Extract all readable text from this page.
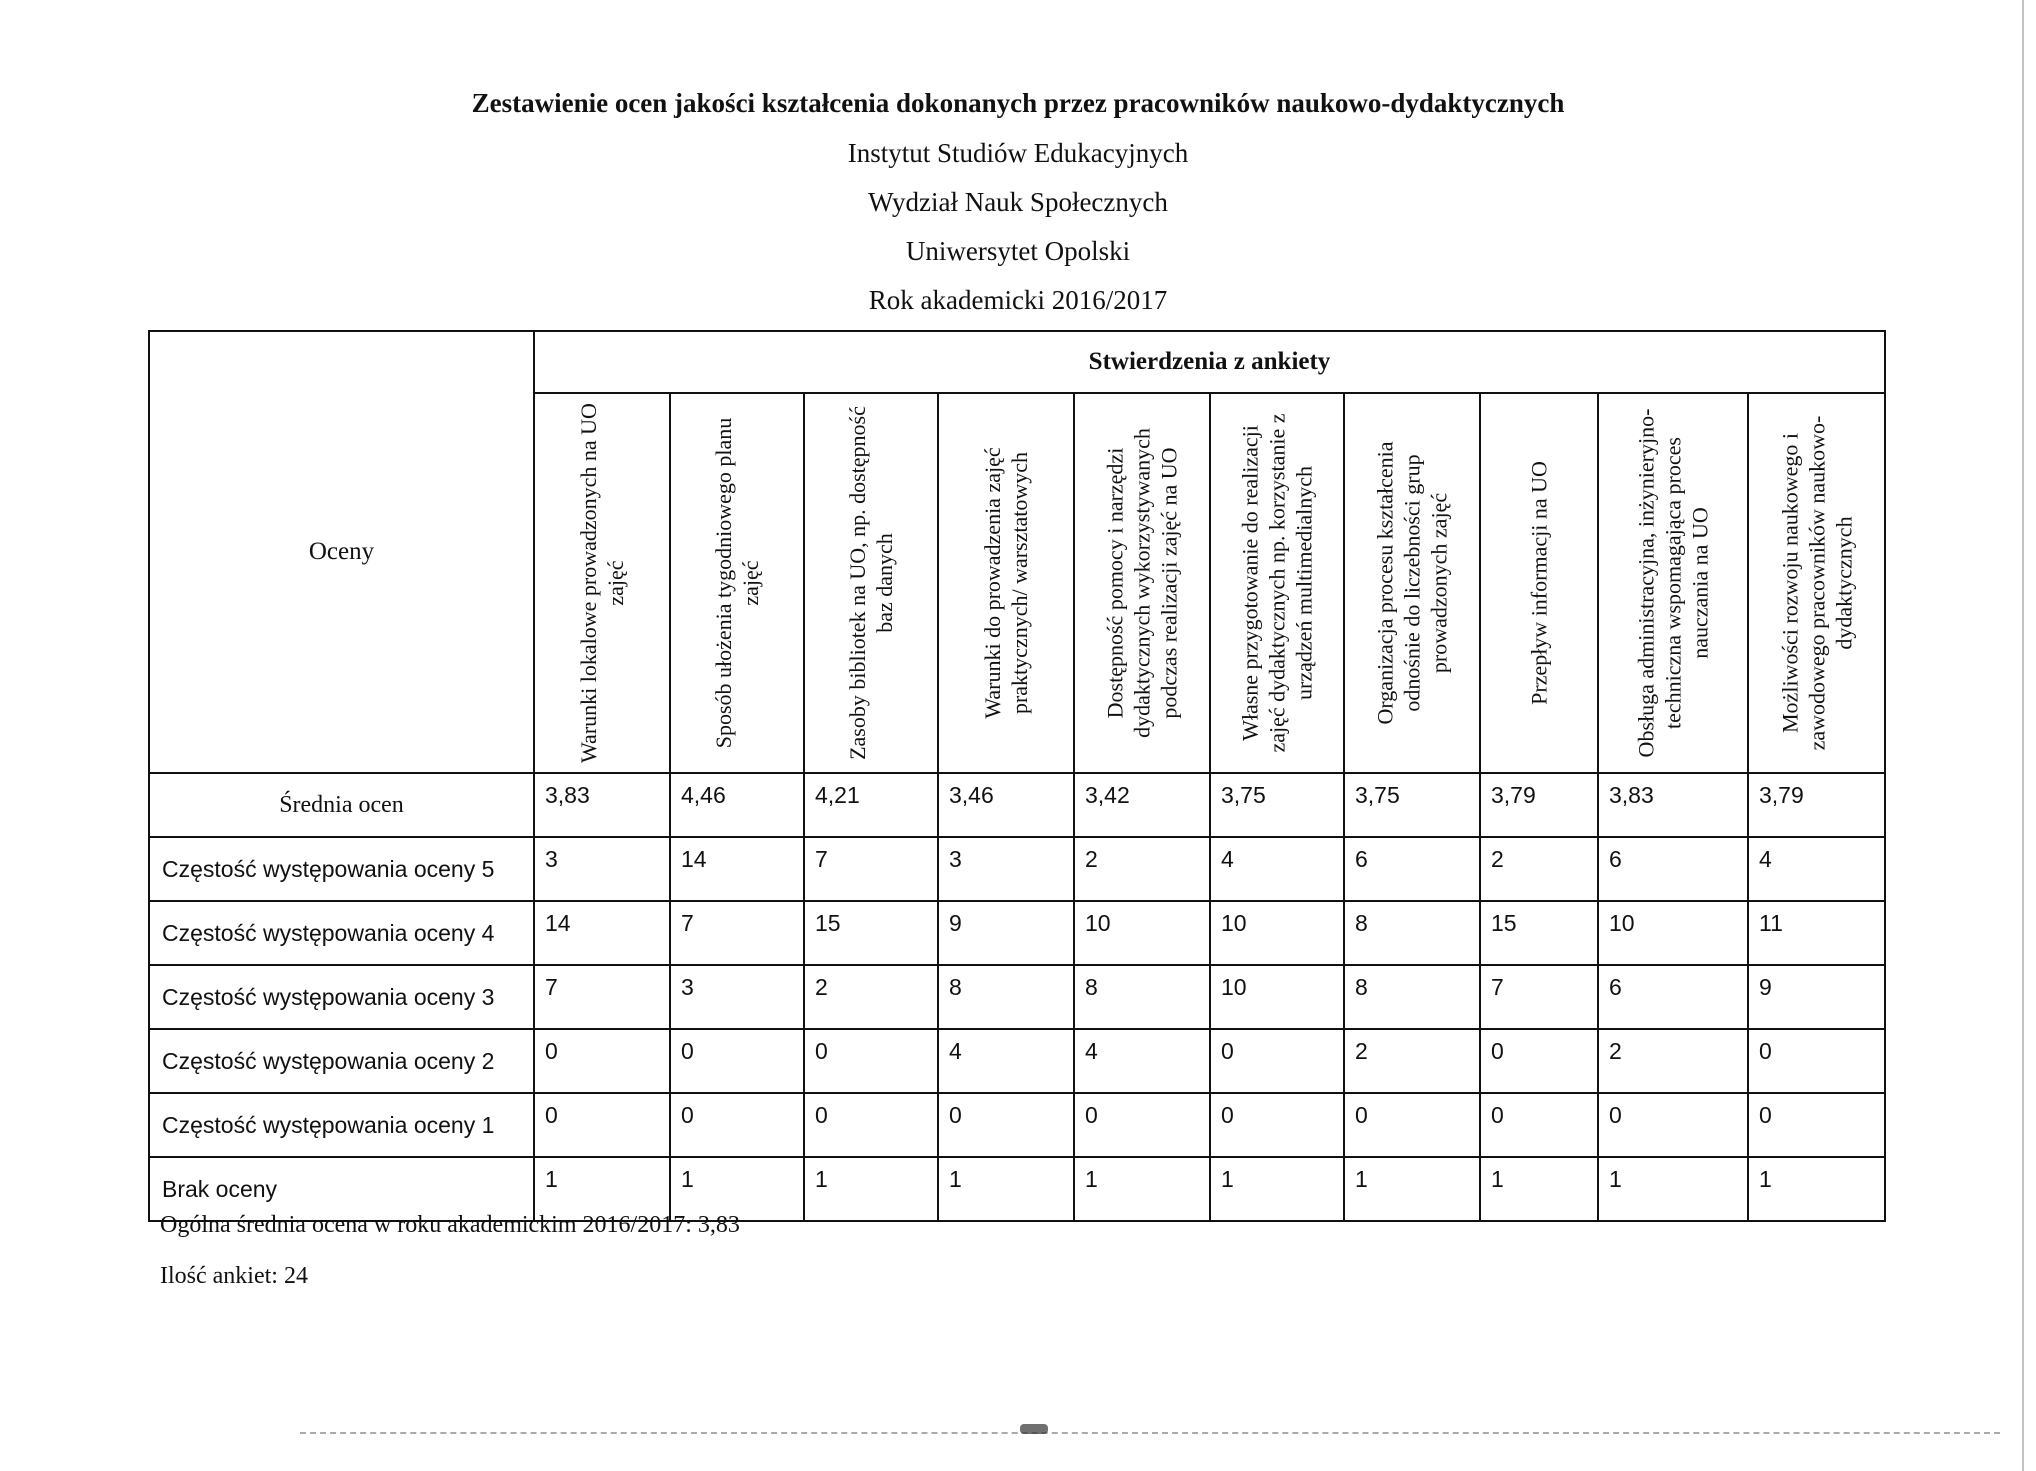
Zestawienie ocen jakości kształcenia dokonanych przez pracowników naukowo-dydaktycznych
Instytut Studiów Edukacyjnych
Wydział Nauk Społecznych
Uniwersytet Opolski
Rok akademicki 2016/2017
Oceny	Stwierdzenia z ankiety									

	Warunki lokalowe prowadzonych na UO zajęć	Sposób ułożenia tygodniowego planu zajęć	Zasoby bibliotek na UO, np. dostępność baz danych	Warunki do prowadzenia zajęć praktycznych/ warsztatowych	Dostępność pomocy i narzędzi dydaktycznych wykorzystywanych podczas realizacji zajęć na UO	Własne przygotowanie do realizacji zajęć dydaktycznych np. korzystanie z urządzeń multimedialnych	Organizacja procesu kształcenia odnośnie do liczebności grup prowadzonych zajęć	Przepływ informacji na UO	Obsługa administracyjna, inżynieryjno-techniczna wspomagająca proces nauczania na UO	Możliwości rozwoju naukowego i zawodowego pracowników naukowo-dydaktycznych

Średnia ocen	3,83	4,46	4,21	3,46	3,42	3,75	3,75	3,79	3,83	3,79
Częstość występowania oceny 5	3	14	7	3	2	4	6	2	6	4
Częstość występowania oceny 4	14	7	15	9	10	10	8	15	10	11
Częstość występowania oceny 3	7	3	2	8	8	10	8	7	6	9
Częstość występowania oceny 2	0	0	0	4	4	0	2	0	2	0
Częstość występowania oceny 1	0	0	0	0	0	0	0	0	0	0
Brak oceny	1	1	1	1	1	1	1	1	1	1
Ogólna średnia ocena w roku akademickim 2016/2017: 3,83
Ilość ankiet: 24
